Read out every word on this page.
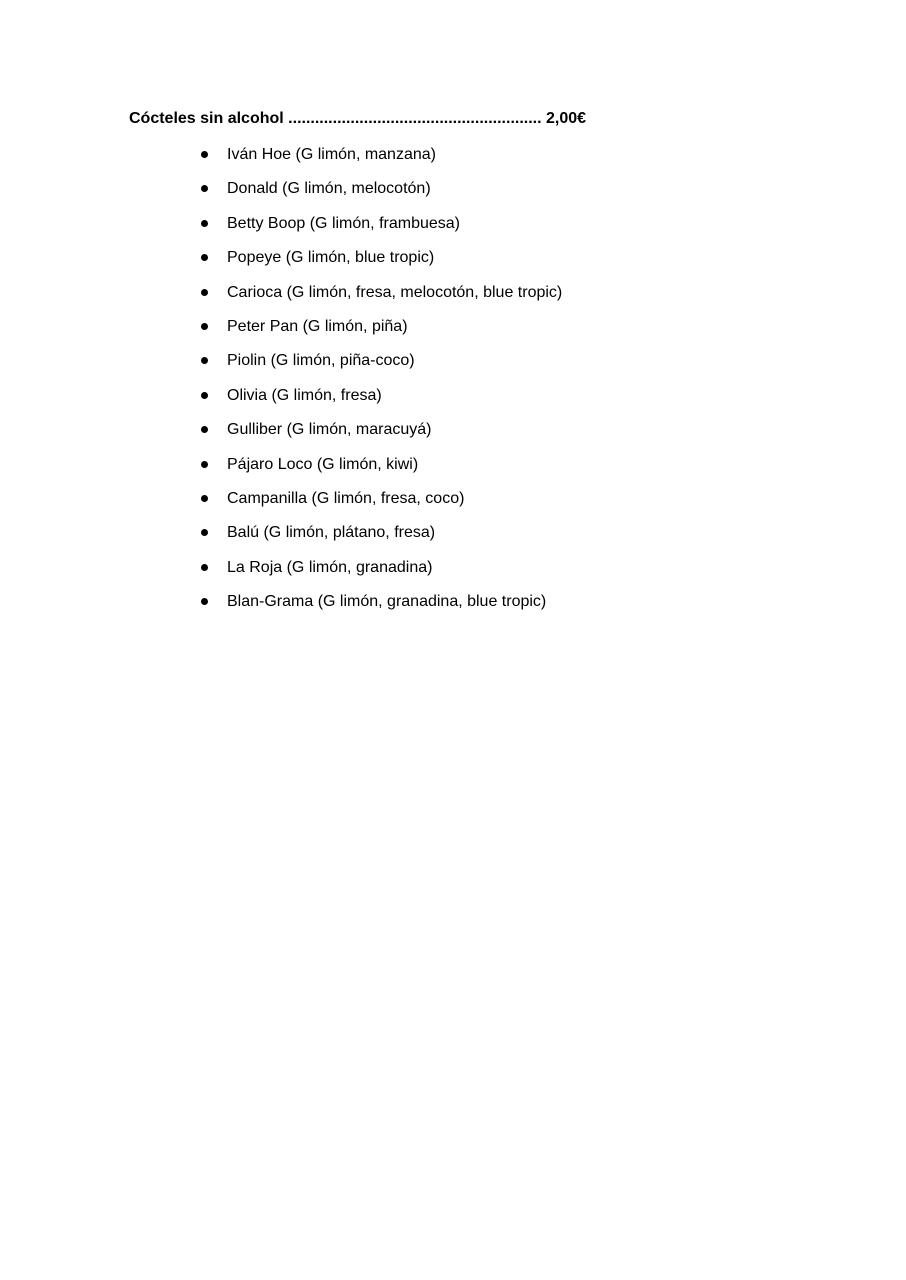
Cócteles sin alcohol ......................................................... 2,00€
Iván Hoe (G limón, manzana)
Donald (G limón, melocotón)
Betty Boop (G limón, frambuesa)
Popeye (G limón, blue tropic)
Carioca (G limón, fresa, melocotón, blue tropic)
Peter Pan (G limón, piña)
Piolin (G limón, piña-coco)
Olivia (G limón, fresa)
Gulliber (G limón, maracuyá)
Pájaro Loco (G limón, kiwi)
Campanilla (G limón, fresa, coco)
Balú (G limón, plátano, fresa)
La Roja (G limón, granadina)
Blan-Grama (G limón, granadina, blue tropic)
